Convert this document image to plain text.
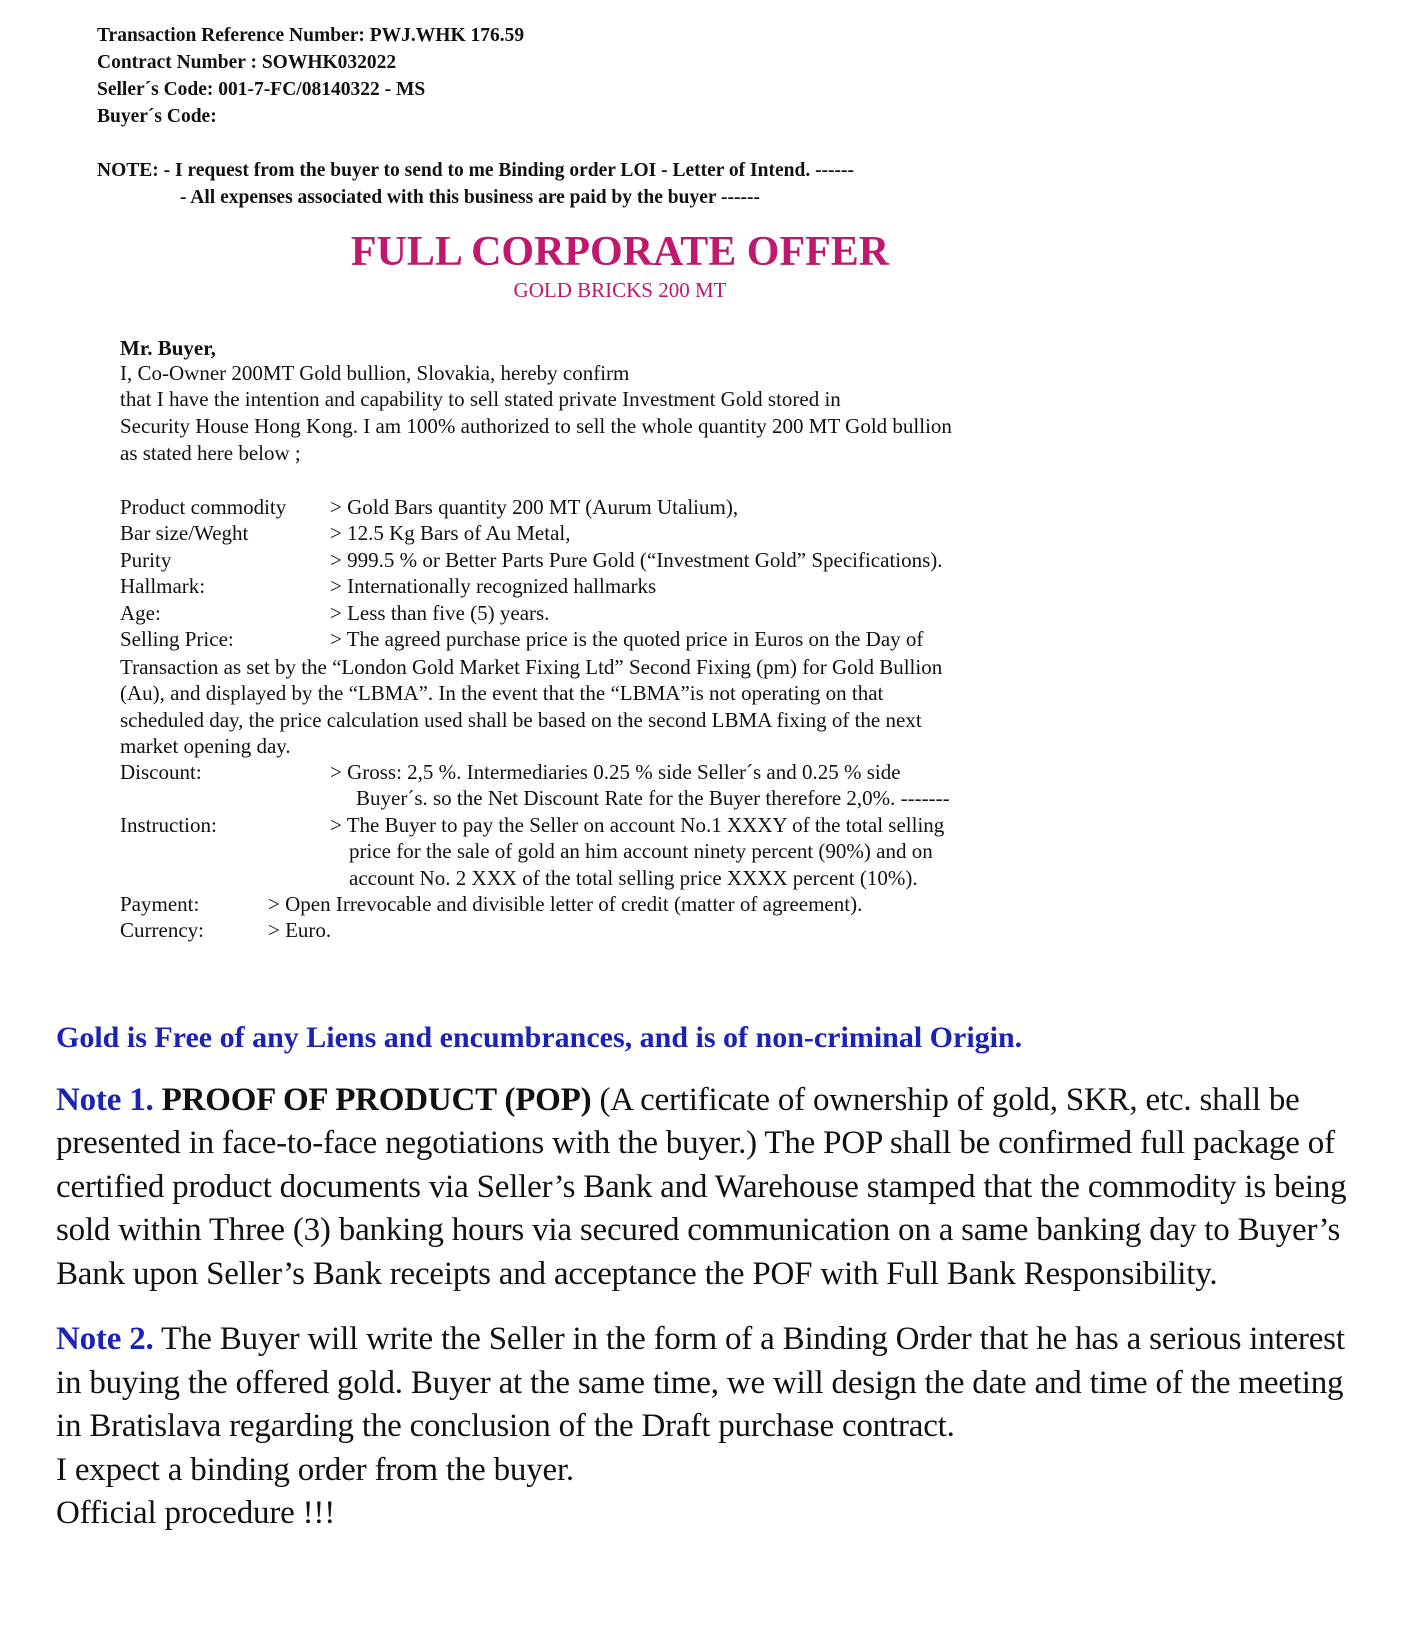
Transaction Reference Number: PWJ.WHK 176.59
Contract Number : SOWHK032022
Seller´s Code: 001-7-FC/08140322 - MS
Buyer´s Code:
NOTE: - I request from the buyer to send to me Binding order LOI - Letter of Intend. ------
- All expenses associated with this business are paid by the buyer ------
FULL CORPORATE OFFER
GOLD BRICKS 200 MT
Mr. Buyer,
I, Co-Owner 200MT Gold bullion, Slovakia, hereby confirm
that I have the intention and capability to sell stated private Investment Gold stored in
Security House Hong Kong. I am 100% authorized to sell the whole quantity 200 MT Gold bullion
as stated here below ;
Product commodity > Gold Bars quantity 200 MT (Aurum Utalium),
Bar size/Weght	> 12.5 Kg Bars of Au Metal,
Purity	> 999.5 % or Better Parts Pure Gold (“Investment Gold” Specifications).
Hallmark:	> Internationally recognized hallmarks
Age:	> Less than five (5) years.
Selling Price:	> The agreed purchase price is the quoted price in Euros on the Day of
Transaction as set by the “London Gold Market Fixing Ltd” Second Fixing (pm) for Gold Bullion
(Au), and displayed by the “LBMA”. In the event that the “LBMA”is not operating on that
scheduled day, the price calculation used shall be based on the second LBMA fixing of the next
market opening day.
Discount:	> Gross: 2,5 %. Intermediaries 0.25 % side Seller´s and 0.25 % side
Buyer´s. so the Net Discount Rate for the Buyer therefore 2,0%. -------
Instruction:	> The Buyer to pay the Seller on account No.1 XXXY of the total selling
price for the sale of gold an him account ninety percent (90%) and on
account No. 2 XXX of the total selling price XXXX percent (10%).
Payment:	> Open Irrevocable and divisible letter of credit (matter of agreement).
Currency:	> Euro.
Gold is Free of any Liens and encumbrances, and is of non-criminal Origin.
Note 1. PROOF OF PRODUCT (POP) (A certificate of ownership of gold, SKR, etc. shall be
presented in face-to-face negotiations with the buyer.) The POP shall be confirmed full package of
certified product documents via Seller’s Bank and Warehouse stamped that the commodity is being
sold within Three (3) banking hours via secured communication on a same banking day to Buyer’s
Bank upon Seller’s Bank receipts and acceptance the POF with Full Bank Responsibility.
Note 2. The Buyer will write the Seller in the form of a Binding Order that he has a serious interest
in buying the offered gold. Buyer at the same time, we will design the date and time of the meeting
in Bratislava regarding the conclusion of the Draft purchase contract.
I expect a binding order from the buyer.
Official procedure !!!
